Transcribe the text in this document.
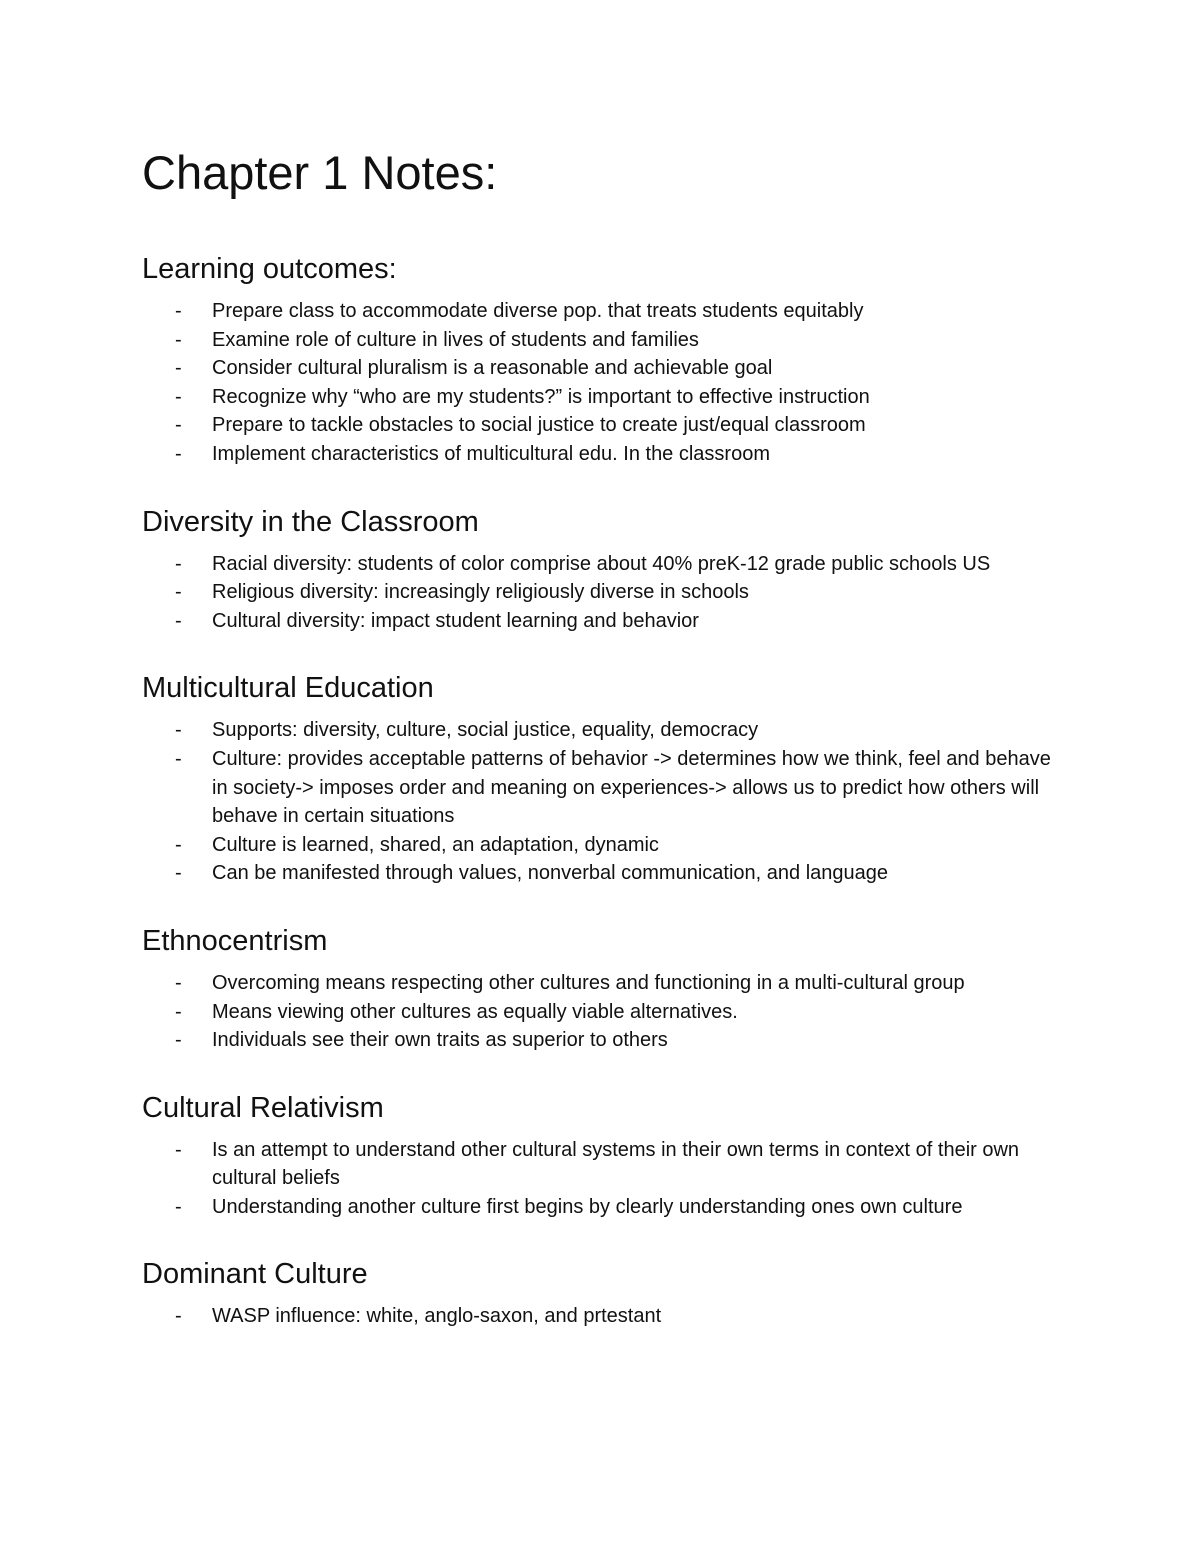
Chapter 1 Notes:
Learning outcomes:
- Prepare class to accommodate diverse pop. that treats students equitably
- Examine role of culture in lives of students and families
- Consider cultural pluralism is a reasonable and achievable goal
- Recognize why “who are my students?” is important to effective instruction
- Prepare to tackle obstacles to social justice to create just/equal classroom
- Implement characteristics of multicultural edu. In the classroom
Diversity in the Classroom
- Racial diversity: students of color comprise about 40% preK-12 grade public schools US
- Religious diversity: increasingly religiously diverse in schools
- Cultural diversity: impact student learning and behavior
Multicultural Education
- Supports: diversity, culture, social justice, equality, democracy
- Culture: provides acceptable patterns of behavior -> determines how we think, feel and behave in society-> imposes order and meaning on experiences-> allows us to predict how others will behave in certain situations
- Culture is learned, shared, an adaptation, dynamic
- Can be manifested through values, nonverbal communication, and language
Ethnocentrism
- Overcoming means respecting other cultures and functioning in a multi-cultural group
- Means viewing other cultures as equally viable alternatives.
- Individuals see their own traits as superior to others
Cultural Relativism
- Is an attempt to understand other cultural systems in their own terms in context of their own cultural beliefs
- Understanding another culture first begins by clearly understanding ones own culture
Dominant Culture
- WASP influence: white, anglo-saxon, and prtestant
